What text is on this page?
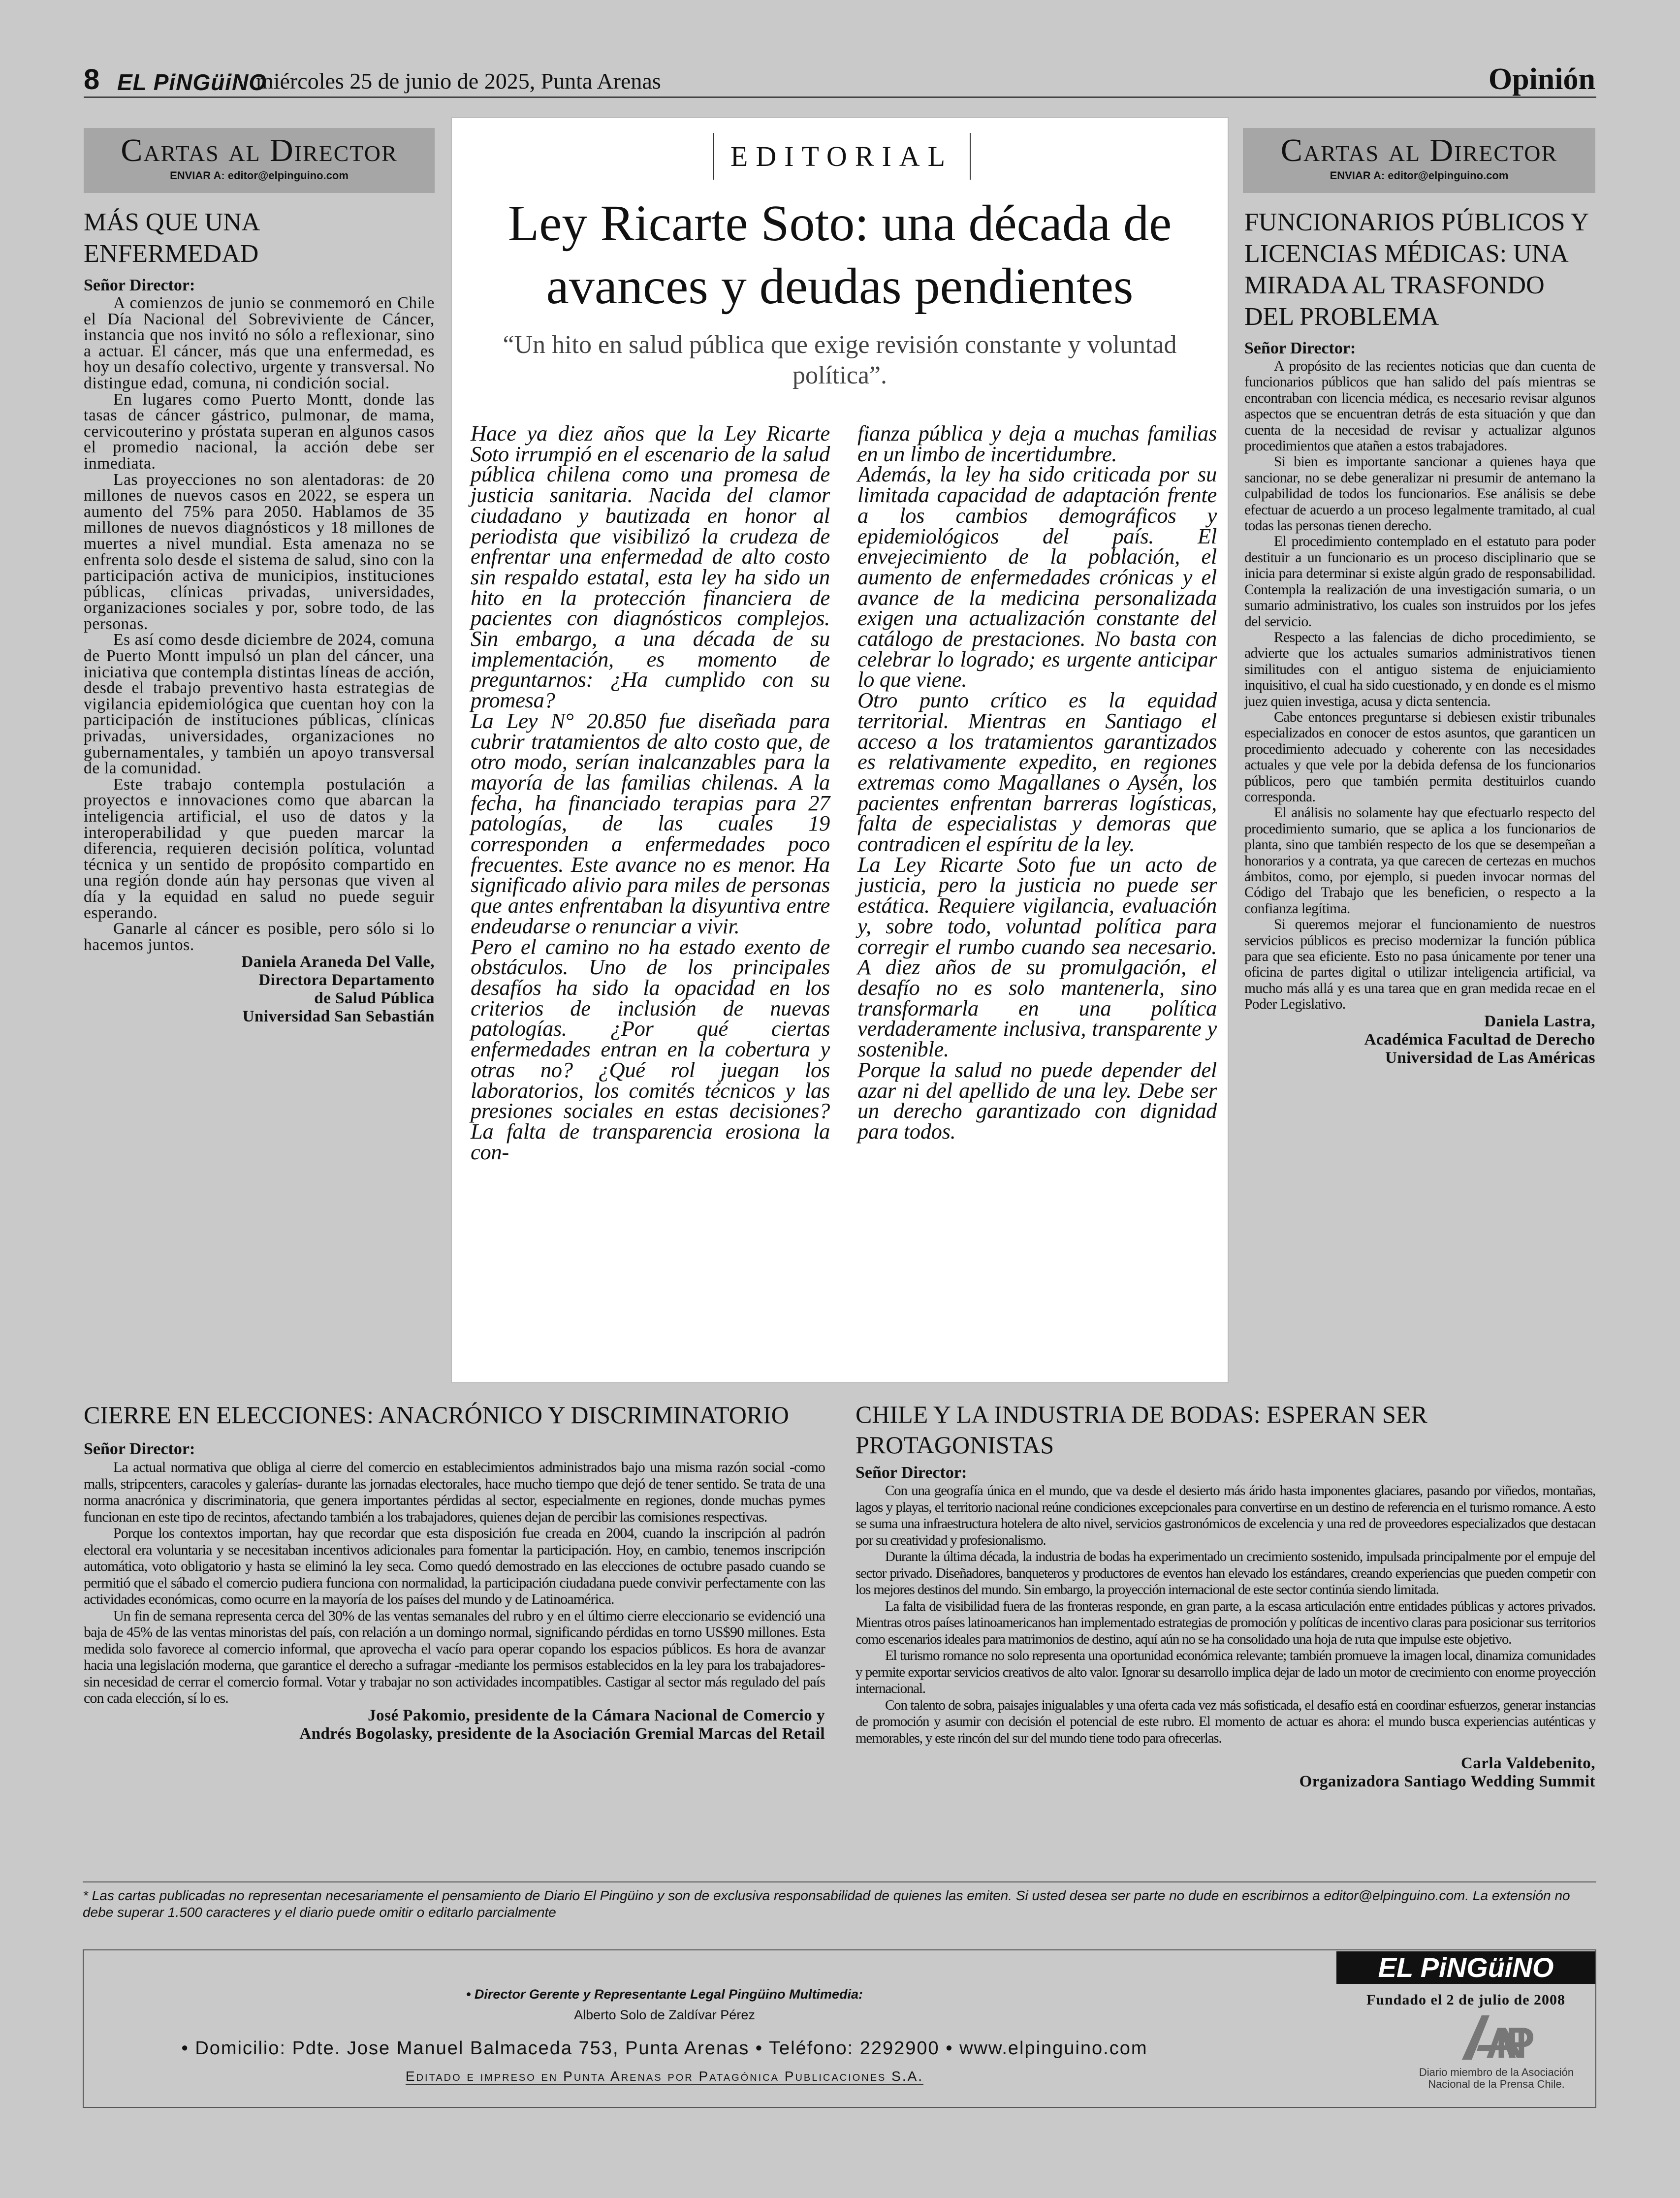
8 EL PiNGüiNO
miércoles 25 de junio de 2025, Punta Arenas	Opinión
Cartas al Director
ENVIAR A: editor@elpinguino.com
MÁS QUE UNA ENFERMEDAD
Señor Director:

A comienzos de junio se conmemoró en Chile el Día Nacional del Sobreviviente de Cáncer, instancia que nos invitó no sólo a reflexionar, sino a actuar. El cáncer, más que una enfermedad, es hoy un desafío colectivo, urgente y transversal. No distingue edad, comuna, ni condición social.

En lugares como Puerto Montt, donde las tasas de cáncer gástrico, pulmonar, de mama, cervicouterino y próstata superan en algunos casos el promedio nacional, la acción debe ser inmediata.

Las proyecciones no son alentadoras: de 20 millones de nuevos casos en 2022, se espera un aumento del 75% para 2050. Hablamos de 35 millones de nuevos diagnósticos y 18 millones de muertes a nivel mundial. Esta amenaza no se enfrenta solo desde el sistema de salud, sino con la participación activa de municipios, instituciones públicas, clínicas privadas, universidades, organizaciones sociales y por, sobre todo, de las personas.

Es así como desde diciembre de 2024, comuna de Puerto Montt impulsó un plan del cáncer, una iniciativa que contempla distintas líneas de acción, desde el trabajo preventivo hasta estrategias de vigilancia epidemiológica que cuentan hoy con la participación de instituciones públicas, clínicas privadas, universidades, organizaciones no gubernamentales, y también un apoyo transversal de la comunidad.

Este trabajo contempla postulación a proyectos e innovaciones como que abarcan la inteligencia artificial, el uso de datos y la interoperabilidad y que pueden marcar la diferencia, requieren decisión política, voluntad técnica y un sentido de propósito compartido en una región donde aún hay personas que viven al día y la equidad en salud no puede seguir esperando.

Ganarle al cáncer es posible, pero sólo si lo hacemos juntos.

Daniela Araneda Del Valle,
Directora Departamento
de Salud Pública
Universidad San Sebastián
EDITORIAL
Ley Ricarte Soto: una década de
avances y deudas pendientes
“Un hito en salud pública que exige revisión constante y voluntad política”.

Hace ya diez años que la Ley Ricarte Soto irrumpió en el escenario de la salud pública chilena como una promesa de justicia sanitaria. Nacida del clamor ciudadano y bautizada en honor al periodista que visibilizó la crudeza de enfrentar una enfermedad de alto costo sin respaldo estatal, esta ley ha sido un hito en la protección financiera de pacientes con diagnósticos complejos. Sin embargo, a una década de su implementación, es momento de preguntarnos: ¿Ha cumplido con su promesa?

La Ley N° 20.850 fue diseñada para cubrir tratamientos de alto costo que, de otro modo, serían inalcanzables para la mayoría de las familias chilenas. A la fecha, ha financiado terapias para 27 patologías, de las cuales 19 corresponden a enfermedades poco frecuentes. Este avance no es menor. Ha significado alivio para miles de personas que antes enfrentaban la disyuntiva entre endeudarse o renunciar a vivir.

Pero el camino no ha estado exento de obstáculos. Uno de los principales desafíos ha sido la opacidad en los criterios de inclusión de nuevas patologías. ¿Por qué ciertas enfermedades entran en la cobertura y otras no? ¿Qué rol juegan los laboratorios, los comités técnicos y las presiones sociales en estas decisiones? La falta de transparencia erosiona la con-

fianza pública y deja a muchas familias en un limbo de incertidumbre.

Además, la ley ha sido criticada por su limitada capacidad de adaptación frente a los cambios demográficos y epidemiológicos del país. El envejecimiento de la población, el aumento de enfermedades crónicas y el avance de la medicina personalizada exigen una actualización constante del catálogo de prestaciones. No basta con celebrar lo logrado; es urgente anticipar lo que viene.

Otro punto crítico es la equidad territorial. Mientras en Santiago el acceso a los tratamientos garantizados es relativamente expedito, en regiones extremas como Magallanes o Aysén, los pacientes enfrentan barreras logísticas, falta de especialistas y demoras que contradicen el espíritu de la ley.

La Ley Ricarte Soto fue un acto de justicia, pero la justicia no puede ser estática. Requiere vigilancia, evaluación y, sobre todo, voluntad política para corregir el rumbo cuando sea necesario. A diez años de su promulgación, el desafío no es solo mantenerla, sino transformarla en una política verdaderamente inclusiva, transparente y sostenible.

Porque la salud no puede depender del azar ni del apellido de una ley. Debe ser un derecho garantizado con dignidad para todos.

Cartas al Director
ENVIAR A: editor@elpinguino.com
FUNCIONARIOS PÚBLICOS Y LICENCIAS MÉDICAS: UNA MIRADA AL TRASFONDO DEL PROBLEMA
Señor Director:

A propósito de las recientes noticias que dan cuenta de funcionarios públicos que han salido del país mientras se encontraban con licencia médica, es necesario revisar algunos aspectos que se encuentran detrás de esta situación y que dan cuenta de la necesidad de revisar y actualizar algunos procedimientos que atañen a estos trabajadores.

Si bien es importante sancionar a quienes haya que sancionar, no se debe generalizar ni presumir de antemano la culpabilidad de todos los funcionarios. Ese análisis se debe efectuar de acuerdo a un proceso legalmente tramitado, al cual todas las personas tienen derecho.

El procedimiento contemplado en el estatuto para poder destituir a un funcionario es un proceso disciplinario que se inicia para determinar si existe algún grado de responsabilidad. Contempla la realización de una investigación sumaria, o un sumario administrativo, los cuales son instruidos por los jefes del servicio.

Respecto a las falencias de dicho procedimiento, se advierte que los actuales sumarios administrativos tienen similitudes con el antiguo sistema de enjuiciamiento inquisitivo, el cual ha sido cuestionado, y en donde es el mismo juez quien investiga, acusa y dicta sentencia.

Cabe entonces preguntarse si debiesen existir tribunales especializados en conocer de estos asuntos, que garanticen un procedimiento adecuado y coherente con las necesidades actuales y que vele por la debida defensa de los funcionarios públicos, pero que también permita destituirlos cuando corresponda.

El análisis no solamente hay que efectuarlo respecto del procedimiento sumario, que se aplica a los funcionarios de planta, sino que también respecto de los que se desempeñan a honorarios y a contrata, ya que carecen de certezas en muchos ámbitos, como, por ejemplo, si pueden invocar normas del Código del Trabajo que les beneficien, o respecto a la confianza legítima.

Si queremos mejorar el funcionamiento de nuestros servicios públicos es preciso modernizar la función pública para que sea eficiente. Esto no pasa únicamente por tener una oficina de partes digital o utilizar inteligencia artificial, va mucho más allá y es una tarea que en gran medida recae en el Poder Legislativo.

Daniela Lastra,
Académica Facultad de Derecho
Universidad de Las Américas
CIERRE EN ELECCIONES: ANACRÓNICO Y DISCRIMINATORIO
Señor Director:

La actual normativa que obliga al cierre del comercio en establecimientos administrados bajo una misma razón social -como malls, stripcenters, caracoles y galerías- durante las jornadas electorales, hace mucho tiempo que dejó de tener sentido. Se trata de una norma anacrónica y discriminatoria, que genera importantes pérdidas al sector, especialmente en regiones, donde muchas pymes funcionan en este tipo de recintos, afectando también a los trabajadores, quienes dejan de percibir las comisiones respectivas.

Porque los contextos importan, hay que recordar que esta disposición fue creada en 2004, cuando la inscripción al padrón electoral era voluntaria y se necesitaban incentivos adicionales para fomentar la participación. Hoy, en cambio, tenemos inscripción automática, voto obligatorio y hasta se eliminó la ley seca. Como quedó demostrado en las elecciones de octubre pasado cuando se permitió que el sábado el comercio pudiera funciona con normalidad, la participación ciudadana puede convivir perfectamente con las actividades económicas, como ocurre en la mayoría de los países del mundo y de Latinoamérica.

Un fin de semana representa cerca del 30% de las ventas semanales del rubro y en el último cierre eleccionario se evidenció una baja de 45% de las ventas minoristas del país, con relación a un domingo normal, significando pérdidas en torno US$90 millones. Esta medida solo favorece al comercio informal, que aprovecha el vacío para operar copando los espacios públicos. Es hora de avanzar hacia una legislación moderna, que garantice el derecho a sufragar -mediante los permisos establecidos en la ley para los trabajadores- sin necesidad de cerrar el comercio formal. Votar y trabajar no son actividades incompatibles. Castigar al sector más regulado del país con cada elección, sí lo es.

José Pakomio, presidente de la Cámara Nacional de Comercio y
Andrés Bogolasky, presidente de la Asociación Gremial Marcas del Retail
CHILE Y LA INDUSTRIA DE BODAS: ESPERAN SER PROTAGONISTAS
Señor Director:

Con una geografía única en el mundo, que va desde el desierto más árido hasta imponentes glaciares, pasando por viñedos, montañas, lagos y playas, el territorio nacional reúne condiciones excepcionales para convertirse en un destino de referencia en el turismo romance. A esto se suma una infraestructura hotelera de alto nivel, servicios gastronómicos de excelencia y una red de proveedores especializados que destacan por su creatividad y profesionalismo.

Durante la última década, la industria de bodas ha experimentado un crecimiento sostenido, impulsada principalmente por el empuje del sector privado. Diseñadores, banqueteros y productores de eventos han elevado los estándares, creando experiencias que pueden competir con los mejores destinos del mundo. Sin embargo, la proyección internacional de este sector continúa siendo limitada.

La falta de visibilidad fuera de las fronteras responde, en gran parte, a la escasa articulación entre entidades públicas y actores privados. Mientras otros países latinoamericanos han implementado estrategias de promoción y políticas de incentivo claras para posicionar sus territorios como escenarios ideales para matrimonios de destino, aquí aún no se ha consolidado una hoja de ruta que impulse este objetivo.

El turismo romance no solo representa una oportunidad económica relevante; también promueve la imagen local, dinamiza comunidades y permite exportar servicios creativos de alto valor. Ignorar su desarrollo implica dejar de lado un motor de crecimiento con enorme proyección internacional.

Con talento de sobra, paisajes inigualables y una oferta cada vez más sofisticada, el desafío está en coordinar esfuerzos, generar instancias de promoción y asumir con decisión el potencial de este rubro. El momento de actuar es ahora: el mundo busca experiencias auténticas y memorables, y este rincón del sur del mundo tiene todo para ofrecerlas.

Carla Valdebenito,
Organizadora Santiago Wedding Summit
* Las cartas publicadas no representan necesariamente el pensamiento de Diario El Pingüino y son de exclusiva responsabilidad de quienes las emiten. Si usted desea ser parte no dude en escribirnos a editor@elpinguino.com. La extensión no debe superar 1.500 caracteres y el diario puede omitir o editarlo parcialmente
• Director Gerente y Representante Legal Pingüino Multimedia:
Alberto Solo de Zaldívar Pérez
• Domicilio: Pdte. Jose Manuel Balmaceda 753, Punta Arenas • Teléfono: 2292900 • www.elpinguino.com
Editado e impreso en Punta Arenas por Patagónica Publicaciones S.A.
EL PiNGüiNO
Fundado el 2 de julio de 2008
ANP
Diario miembro de la Asociación Nacional de la Prensa Chile.
